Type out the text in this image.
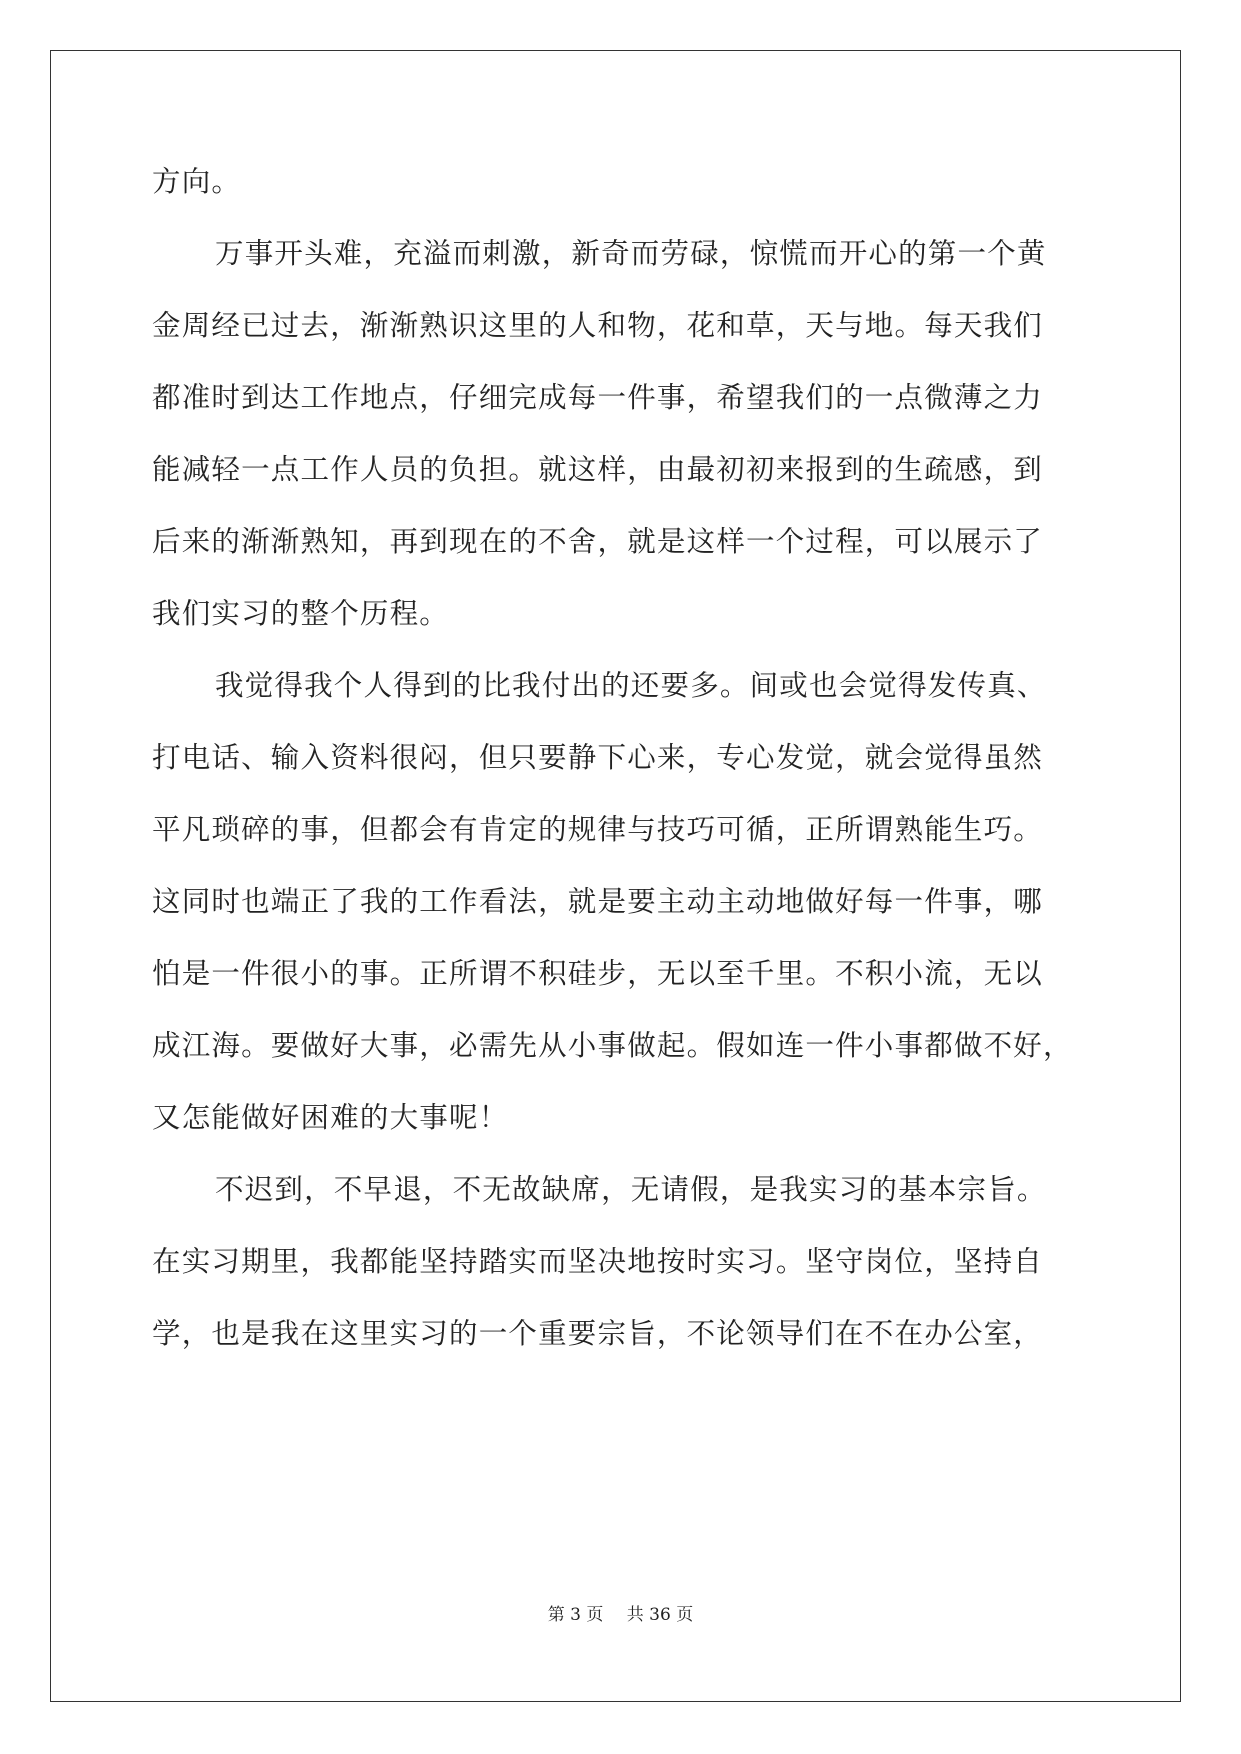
方向。
万事开头难，充溢而刺激，新奇而劳碌，惊慌而开心的第一个黄
金周经已过去，渐渐熟识这里的人和物，花和草，天与地。每天我们
都准时到达工作地点，仔细完成每一件事，希望我们的一点微薄之力
能减轻一点工作人员的负担。就这样，由最初初来报到的生疏感，到
后来的渐渐熟知，再到现在的不舍，就是这样一个过程，可以展示了
我们实习的整个历程。
我觉得我个人得到的比我付出的还要多。间或也会觉得发传真、
打电话、输入资料很闷，但只要静下心来，专心发觉，就会觉得虽然
平凡琐碎的事，但都会有肯定的规律与技巧可循，正所谓熟能生巧。
这同时也端正了我的工作看法，就是要主动主动地做好每一件事，哪
怕是一件很小的事。正所谓不积硅步，无以至千里。不积小流，无以
成江海。要做好大事，必需先从小事做起。假如连一件小事都做不好，
又怎能做好困难的大事呢！
不迟到，不早退，不无故缺席，无请假，是我实习的基本宗旨。
在实习期里，我都能坚持踏实而坚决地按时实习。坚守岗位，坚持自
学，也是我在这里实习的一个重要宗旨，不论领导们在不在办公室，
第 3 页 共 36 页
